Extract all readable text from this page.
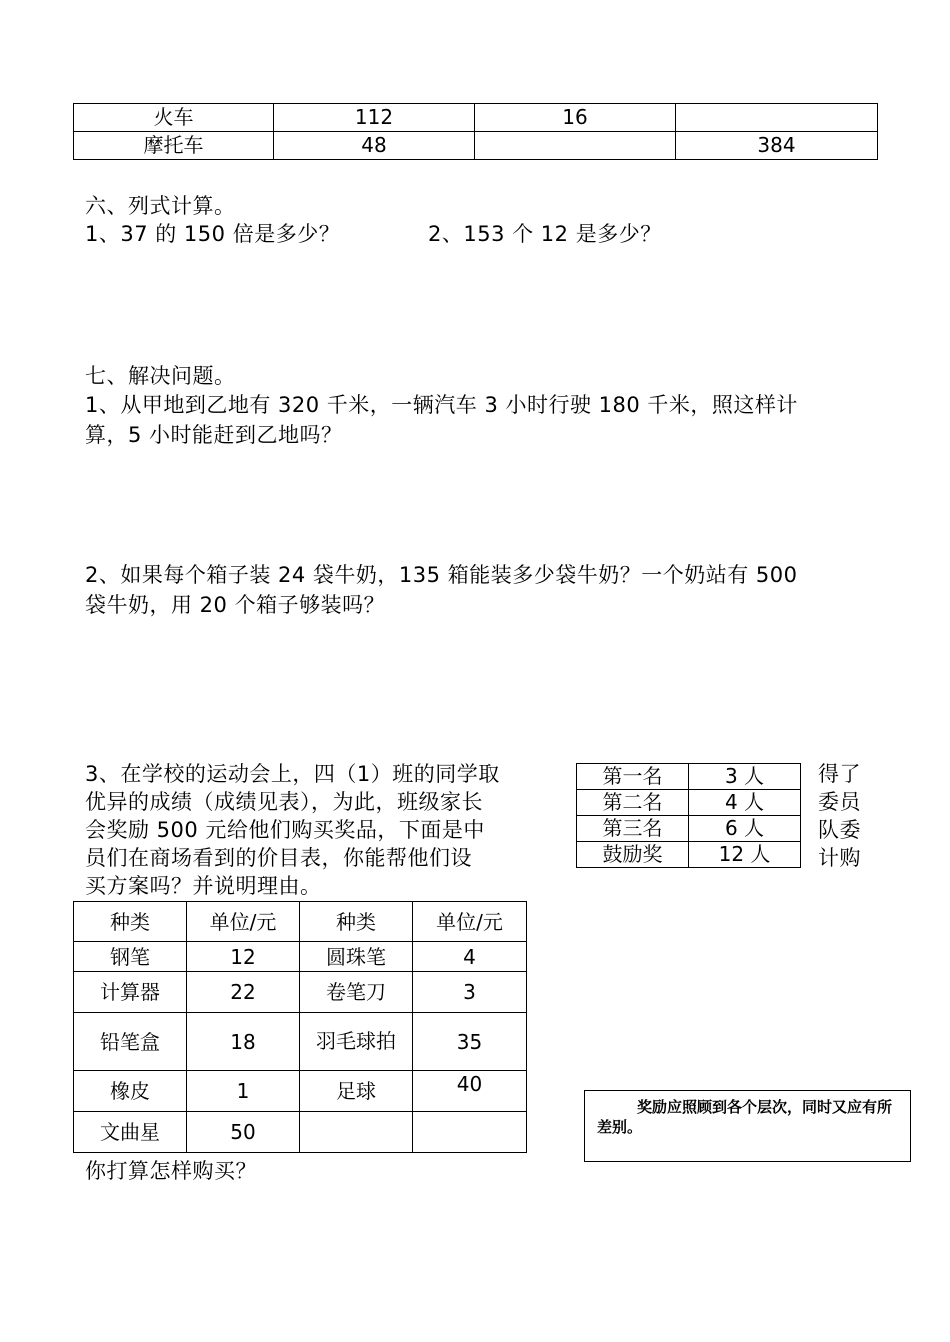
火车	112	16	
摩托车	48		384
六、列式计算。
1、37 的 150 倍是多少？	2、153 个 12 是多少？
七、解决问题。
1、从甲地到乙地有 320 千米，一辆汽车 3 小时行驶 180 千米，照这样计
算，5 小时能赶到乙地吗？
2、如果每个箱子装 24 袋牛奶，135 箱能装多少袋牛奶？一个奶站有 500
袋牛奶，用 20 个箱子够装吗？
3、在学校的运动会上，四（1）班的同学取
优异的成绩（成绩见表），为此，班级家长
会奖励 500 元给他们购买奖品，下面是中
员们在商场看到的价目表，你能帮他们设
买方案吗？并说明理由。
得了
委员
队委
计购
第一名	3 人
第二名	4 人
第三名	6 人
鼓励奖	12 人
种类	单位/元	种类	单位/元
钢笔	12	圆珠笔	4
计算器	22	卷笔刀	3
铅笔盒	18	羽毛球拍	35
橡皮	1	足球	40
文曲星	50		
你打算怎样购买？
奖励应照顾到各个层次，同时又应有所差别。
